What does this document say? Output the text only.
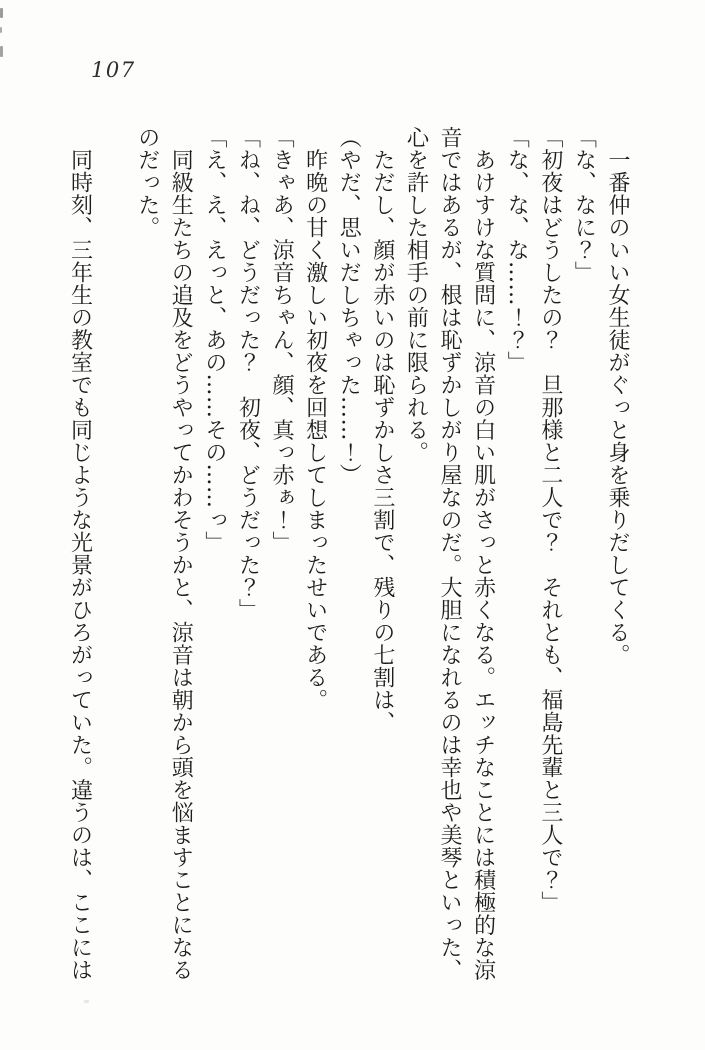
107

　一番仲のいい女生徒がぐっと身を乗りだしてくる。

「な、なに？」

「初夜はどうしたの？　旦那様と二人で？　それとも、福島先輩と三人で？」

「な、な、な……！？」

　あけすけな質問に、涼音の白い肌がさっと赤くなる。エッチなことには積極的な涼

音ではあるが、根は恥ずかしがり屋なのだ。大胆になれるのは幸也や美琴といった、

心を許した相手の前に限られる。

　ただし、顔が赤いのは恥ずかしさ三割で、残りの七割は、

（やだ、思いだしちゃった……！）

　昨晩の甘く激しい初夜を回想してしまったせいである。

「きゃあ、涼音ちゃん、顔、真っ赤ぁ！」

「ね、ね、どうだった？　初夜、どうだった？」

「え、え、えっと、あの……その……っ」

　同級生たちの追及をどうやってかわそうかと、涼音は朝から頭を悩ますことになる

のだった。

　同時刻、三年生の教室でも同じような光景がひろがっていた。違うのは、ここには
